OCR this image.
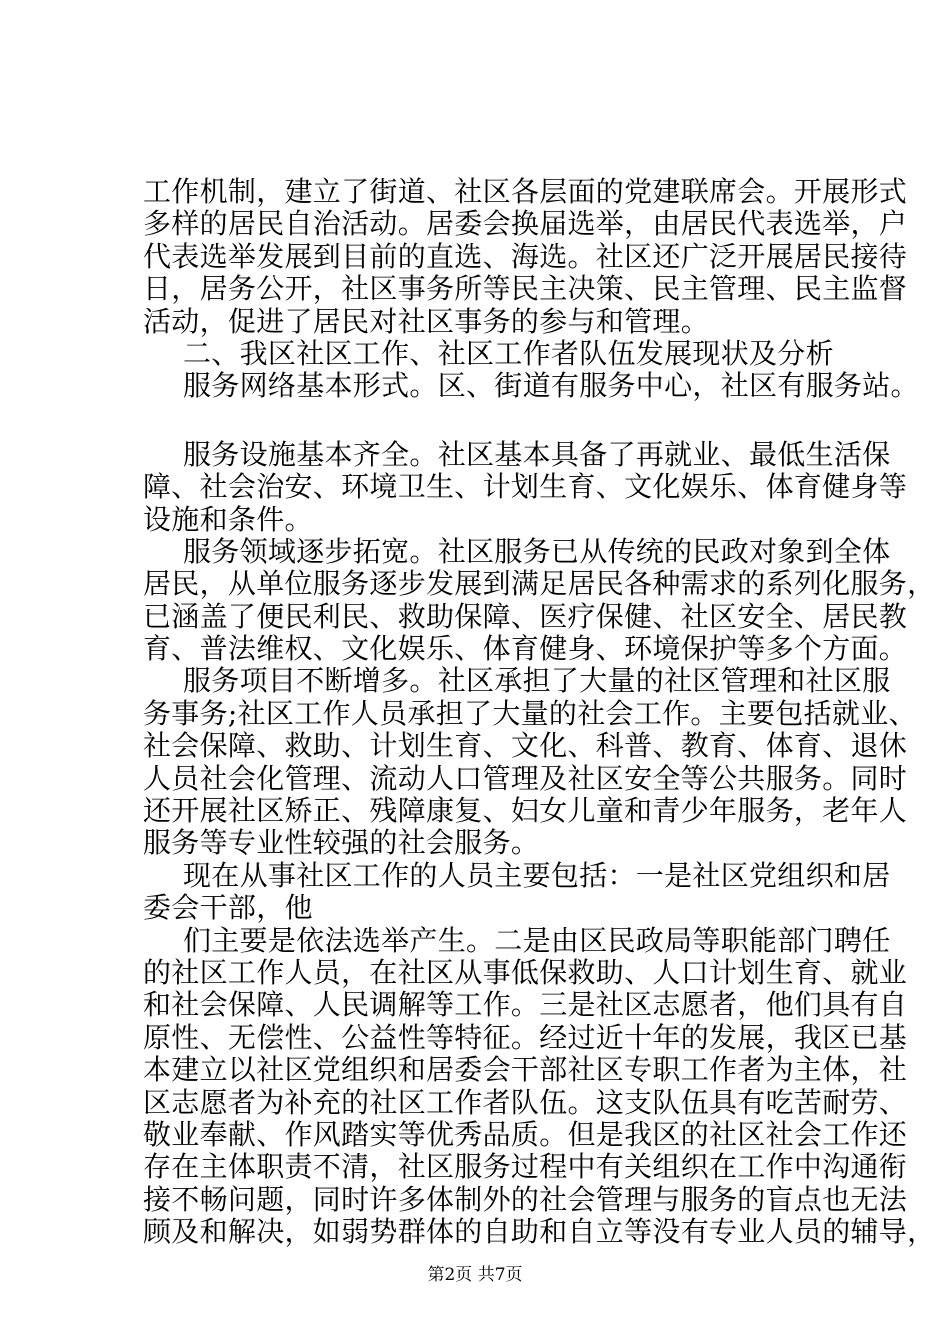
工作机制，建立了街道、社区各层面的党建联席会。开展形式
多样的居民自治活动。居委会换届选举，由居民代表选举，户
代表选举发展到目前的直选、海选。社区还广泛开展居民接待
日，居务公开，社区事务所等民主决策、民主管理、民主监督
活动，促进了居民对社区事务的参与和管理。
二、我区社区工作、社区工作者队伍发展现状及分析
服务网络基本形式。区、街道有服务中心，社区有服务站。
服务设施基本齐全。社区基本具备了再就业、最低生活保
障、社会治安、环境卫生、计划生育、文化娱乐、体育健身等
设施和条件。
服务领域逐步拓宽。社区服务已从传统的民政对象到全体
居民，从单位服务逐步发展到满足居民各种需求的系列化服务，
已涵盖了便民利民、救助保障、医疗保健、社区安全、居民教
育、普法维权、文化娱乐、体育健身、环境保护等多个方面。
服务项目不断增多。社区承担了大量的社区管理和社区服
务事务;社区工作人员承担了大量的社会工作。主要包括就业、
社会保障、救助、计划生育、文化、科普、教育、体育、退休
人员社会化管理、流动人口管理及社区安全等公共服务。同时
还开展社区矫正、残障康复、妇女儿童和青少年服务，老年人
服务等专业性较强的社会服务。
现在从事社区工作的人员主要包括：一是社区党组织和居
委会干部，他
们主要是依法选举产生。二是由区民政局等职能部门聘任
的社区工作人员，在社区从事低保救助、人口计划生育、就业
和社会保障、人民调解等工作。三是社区志愿者，他们具有自
原性、无偿性、公益性等特征。经过近十年的发展，我区已基
本建立以社区党组织和居委会干部社区专职工作者为主体，社
区志愿者为补充的社区工作者队伍。这支队伍具有吃苦耐劳、
敬业奉献、作风踏实等优秀品质。但是我区的社区社会工作还
存在主体职责不清，社区服务过程中有关组织在工作中沟通衔
接不畅问题，同时许多体制外的社会管理与服务的盲点也无法
顾及和解决，如弱势群体的自助和自立等没有专业人员的辅导，
第2页 共7页
